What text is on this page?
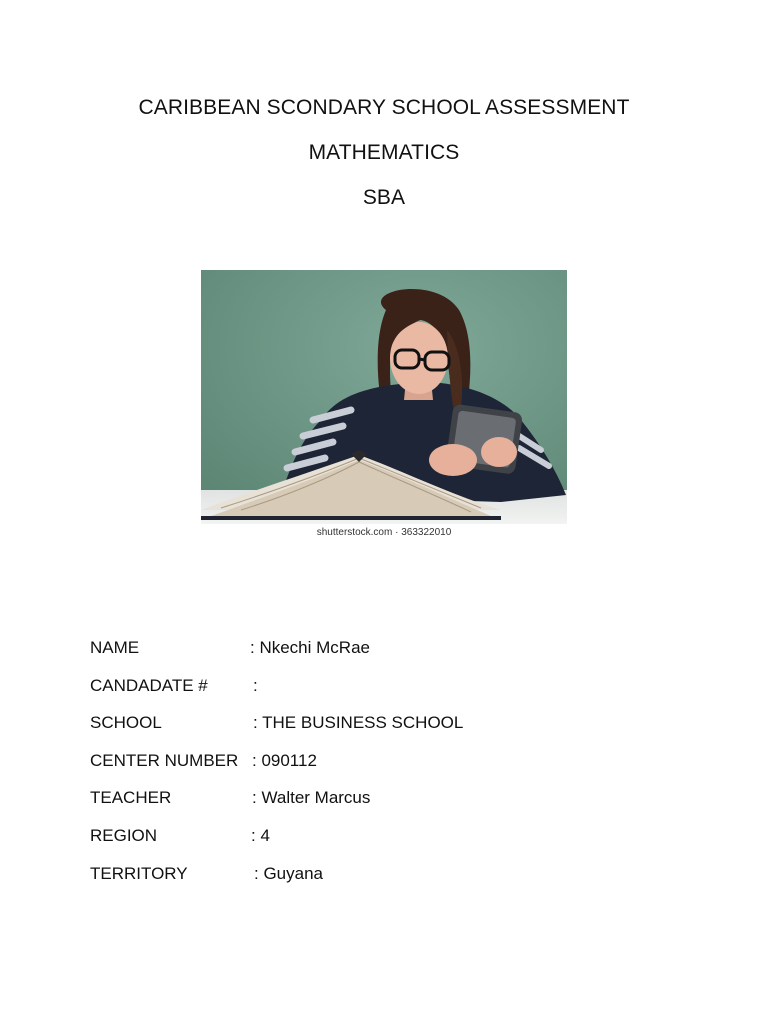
CARIBBEAN SCONDARY SCHOOL ASSESSMENT
MATHEMATICS
SBA
shutterstock.com · 363322010
NAME	: Nkechi McRae
CANDADATE #	:
SCHOOL	: THE BUSINESS SCHOOL
CENTER NUMBER : 090112
TEACHER	: Walter Marcus
REGION	: 4
TERRITORY	: Guyana
